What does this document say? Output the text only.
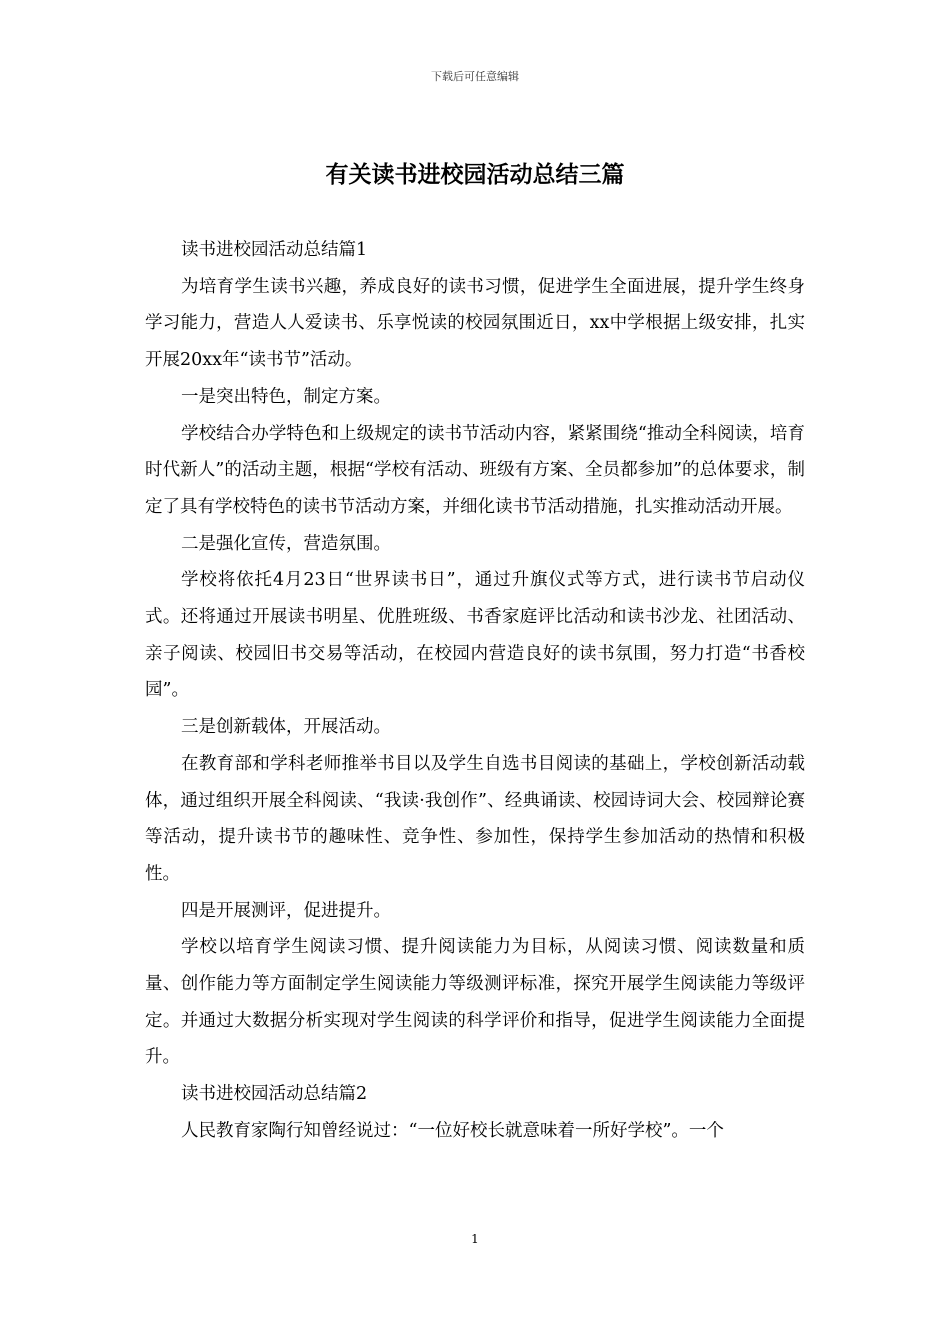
下载后可任意编辑
有关读书进校园活动总结三篇

读书进校园活动总结篇1

为培育学生读书兴趣，养成良好的读书习惯，促进学生全面进展，提升学生终身学习能力，营造人人爱读书、乐享悦读的校园氛围近日，xx中学根据上级安排，扎实开展20xx年“读书节”活动。

一是突出特色，制定方案。

学校结合办学特色和上级规定的读书节活动内容，紧紧围绕“推动全科阅读，培育时代新人”的活动主题，根据“学校有活动、班级有方案、全员都参加”的总体要求，制定了具有学校特色的读书节活动方案，并细化读书节活动措施，扎实推动活动开展。

二是强化宣传，营造氛围。

学校将依托4月23日“世界读书日”，通过升旗仪式等方式，进行读书节启动仪式。还将通过开展读书明星、优胜班级、书香家庭评比活动和读书沙龙、社团活动、亲子阅读、校园旧书交易等活动，在校园内营造良好的读书氛围，努力打造“书香校园”。

三是创新载体，开展活动。

在教育部和学科老师推举书目以及学生自选书目阅读的基础上，学校创新活动载体，通过组织开展全科阅读、“我读·我创作”、经典诵读、校园诗词大会、校园辩论赛等活动，提升读书节的趣味性、竞争性、参加性，保持学生参加活动的热情和积极性。

四是开展测评，促进提升。

学校以培育学生阅读习惯、提升阅读能力为目标，从阅读习惯、阅读数量和质量、创作能力等方面制定学生阅读能力等级测评标准，探究开展学生阅读能力等级评定。并通过大数据分析实现对学生阅读的科学评价和指导，促进学生阅读能力全面提升。

读书进校园活动总结篇2

人民教育家陶行知曾经说过：“一位好校长就意味着一所好学校”。一个

1
